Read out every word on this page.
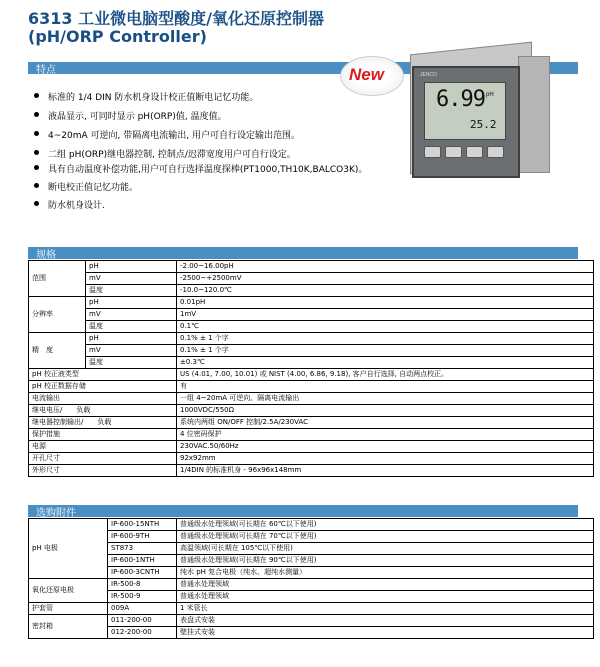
6313 工业微电脑型酸度/氧化还原控制器
(pH/ORP Controller)
特点	New	JENCO
6.99 pH
25.2
标准的 1/4 DIN 防水机身设计校正值断电记忆功能。
液晶显示, 可同时显示 pH(ORP)值, 温度值。
4~20mA 可逆向, 带隔离电流输出, 用户可自行设定输出范围。
二组 pH(ORP)继电器控制, 控制点/迟滞宽度用户可自行设定。
具有自动温度补偿功能,用户可自行选择温度探棒(PT1000,TH10K,BALCO3K)。
断电校正值记忆功能。
防水机身设计.
规格
范围	pH	-2.00~16.00pH
	mV	-2500~+2500mV
	温度	-10.0~120.0℃
分辨率	pH	0.01pH
	mV	1mV
	温度	0.1℃
精　度	pH	0.1% ± 1 个字
	mV	0.1% ± 1 个字
	温度	±0.3℃
pH 校正液类型		US (4.01, 7.00, 10.01) 或 NIST (4.00, 6.86, 9.18), 客户自行选择, 自动两点校正。
pH 校正数据存储		有
电流输出		一组 4~20mA 可逆向、隔离电流输出
继电电压/　　负载		1000VDC/550Ω
继电器控制输出/　　负载		系统内两组 ON/OFF 控制/2.5A/230VAC
保护措施		4 位密码保护
电源		230VAC.50/60Hz
开孔尺寸		92x92mm
外形尺寸		1/4DIN 的标准机身 - 96x96x148mm
选购附件
pH 电极	IP-600-15NTH	普通级水处理领域(可长期在 60℃以下使用)
	IP-600-9TH	普通级水处理领域(可长期在 70℃以下使用)
	ST873	高温领域(可长期在 105℃以下使用)
	IP-600-1NTH	普通级水处理领域(可长期在 90℃以下使用)
	IP-600-3CNTH	纯水 pH 复合电极（纯水、超纯水测量）
氧化还原电极	IR-500-8	普通水处理领域
	IR-500-9	普通水处理领域
护套管	009A	1 米管长
密封箱	011-200-00	表盘式安装
	012-200-00	壁挂式安装
